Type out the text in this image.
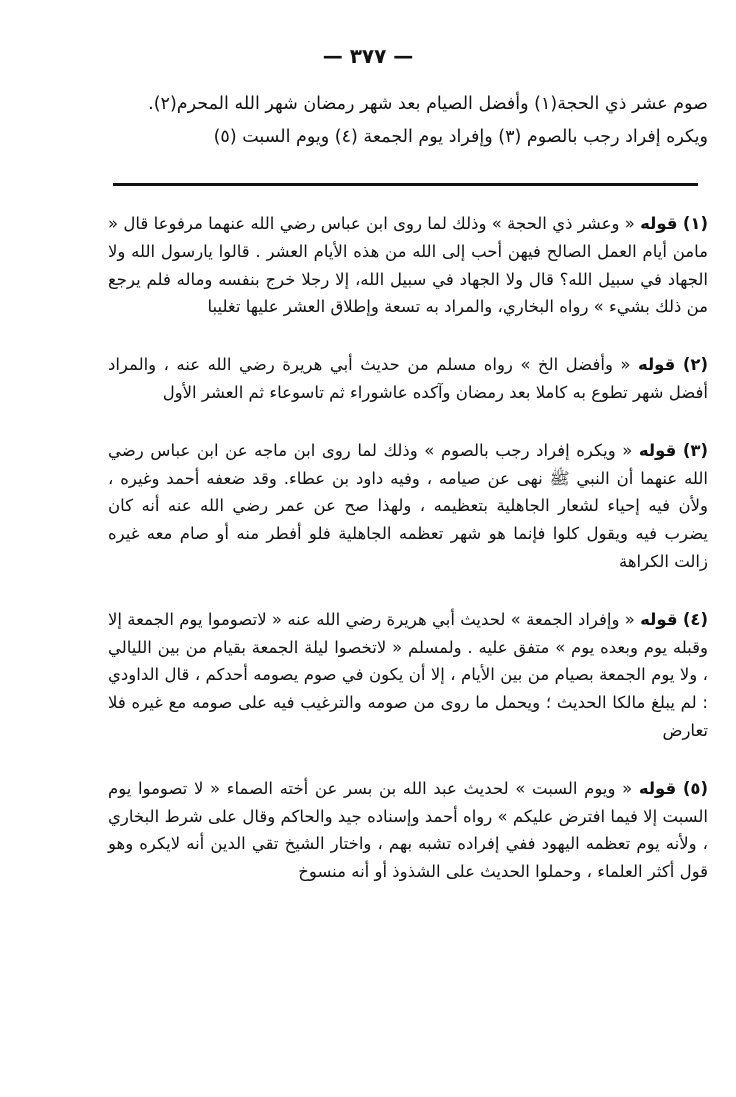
— ٣٧٧ —

صوم عشر ذي الحجة(١) وأفضل الصيام بعد شهر رمضان شهر الله المحرم(٢).

ويكره إفراد رجب بالصوم (٣) وإفراد يوم الجمعة (٤) ويوم السبت (٥)

(١) قوله « وعشر ذي الحجة » وذلك لما روى ابن عباس رضي الله عنهما مرفوعا قال « مامن أيام العمل الصالح فيهن أحب إلى الله من هذه الأيام العشر . قالوا يارسول الله ولا الجهاد في سبيل الله؟ قال ولا الجهاد في سبيل الله، إلا رجلا خرج بنفسه وماله فلم يرجع من ذلك بشيء » رواه البخاري، والمراد به تسعة وإطلاق العشر عليها تغليبا

(٢) قوله « وأفضل الخ » رواه مسلم من حديث أبي هريرة رضي الله عنه ، والمراد أفضل شهر تطوع به كاملا بعد رمضان وآكده عاشوراء ثم تاسوعاء ثم العشر الأول

(٣) قوله « ويكره إفراد رجب بالصوم » وذلك لما روى ابن ماجه عن ابن عباس رضي الله عنهما أن النبي ﷺ نهى عن صيامه ، وفيه داود بن عطاء. وقد ضعفه أحمد وغيره ، ولأن فيه إحياء لشعار الجاهلية بتعظيمه ، ولهذا صح عن عمر رضي الله عنه أنه كان يضرب فيه ويقول كلوا فإنما هو شهر تعظمه الجاهلية فلو أفطر منه أو صام معه غيره زالت الكراهة

(٤) قوله « وإفراد الجمعة » لحديث أبي هريرة رضي الله عنه « لاتصوموا يوم الجمعة إلا وقبله يوم وبعده يوم » متفق عليه . ولمسلم « لاتخصوا ليلة الجمعة بقيام من بين الليالي ، ولا يوم الجمعة بصيام من بين الأيام ، إلا أن يكون في صوم يصومه أحدكم ، قال الداودي : لم يبلغ مالكا الحديث ؛ ويحمل ما روى من صومه والترغيب فيه على صومه مع غيره فلا تعارض

(٥) قوله « ويوم السبت » لحديث عبد الله بن بسر عن أخته الصماء « لا تصوموا يوم السبت إلا فيما افترض عليكم » رواه أحمد وإسناده جيد والحاكم وقال على شرط البخاري ، ولأنه يوم تعظمه اليهود ففي إفراده تشبه بهم ، واختار الشيخ تقي الدين أنه لايكره وهو قول أكثر العلماء ، وحملوا الحديث على الشذوذ أو أنه منسوخ
